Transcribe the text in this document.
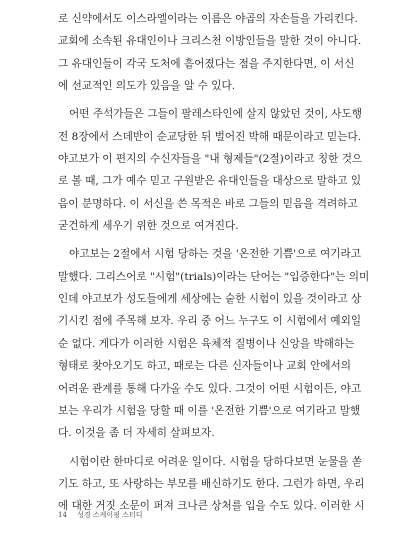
로 신약에서도 이스라엘이라는 이름은 야곱의 자손들을 가리킨다.
교회에 소속된 유대인이나 크리스천 이방인들을 말한 것이 아니다.
그 유대인들이 각국 도처에 흩어졌다는 점을 주지한다면, 이 서신
에 선교적인 의도가 있음을 알 수 있다.
어떤 주석가들은 그들이 팔레스타인에 살지 않았던 것이, 사도행
전 8장에서 스데반이 순교당한 뒤 벌어진 박해 때문이라고 믿는다.
야고보가 이 편지의 수신자들을 "내 형제들"(2절)이라고 칭한 것으
로 볼 때, 그가 예수 믿고 구원받은 유대인들을 대상으로 말하고 있
음이 분명하다. 이 서신을 쓴 목적은 바로 그들의 믿음을 격려하고
굳건하게 세우기 위한 것으로 여겨진다.
야고보는 2절에서 시험 당하는 것을 '온전한 기쁨'으로 여기라고
말했다. 그리스어로 "시험"(trials)이라는 단어는 "입증한다"는 의미
인데 야고보가 성도들에게 세상에는 숱한 시험이 있을 것이라고 상
기시킨 점에 주목해 보자. 우리 중 어느 누구도 이 시험에서 예외일
순 없다. 게다가 이러한 시험은 육체적 질병이나 신앙을 박해하는
형태로 찾아오기도 하고, 때로는 다른 신자들이나 교회 안에서의
어려운 관계를 통해 다가올 수도 있다. 그것이 어떤 시험이든, 야고
보는 우리가 시험을 당할 때 이를 '온전한 기쁨'으로 여기라고 말했
다. 이것을 좀 더 자세히 살펴보자.
시험이란 한마디로 어려운 일이다. 시험을 당하다보면 눈물을 쏟
기도 하고, 또 사랑하는 부모를 배신하기도 한다. 그런가 하면, 우리
에 대한 거짓 소문이 퍼져 크나큰 상처를 입을 수도 있다. 이러한 시
14 성경 스케이핑 스터디
